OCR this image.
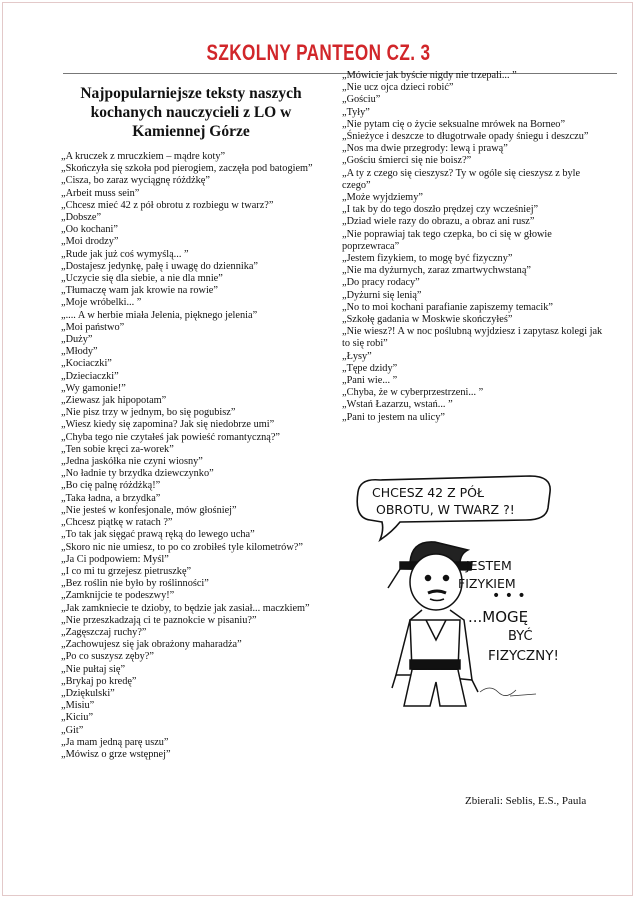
SZKOLNY PANTEON CZ. 3
Najpopularniejsze teksty naszych
kochanych nauczycieli z LO w
Kamiennej Górze
„A kruczek z mruczkiem – mądre koty”
„Skończyła się szkoła pod pierogiem, zaczęła pod batogiem”
„Cisza, bo zaraz wyciągnę różdżkę”
„Arbeit muss sein”
„Chcesz mieć 42 z pół obrotu z rozbiegu w twarz?”
„Dobsze”
„Oo kochani”
„Moi drodzy”
„Rude jak już coś wymyślą... ”
„Dostajesz jedynkę, pałę i uwagę do dziennika”
„Uczycie się dla siebie, a nie dla mnie”
„Tłumaczę wam jak krowie na rowie”
„Moje wróbelki... ”
„.... A w herbie miała Jelenia, pięknego jelenia”
„Moi państwo”
„Duży”
„Młody”
„Kociaczki”
„Dzieciaczki”
„Wy gamonie!”
„Ziewasz jak hipopotam”
„Nie pisz trzy w jednym, bo się pogubisz”
„Wiesz kiedy się zapomina? Jak się niedobrze umi”
„Chyba tego nie czytałeś jak powieść romantyczną?”
„Ten sobie kręci za-worek”
„Jedna jaskółka nie czyni wiosny”
„No ładnie ty brzydka dziewczynko”
„Bo cię palnę różdżką!”
„Taka ładna, a brzydka”
„Nie jesteś w konfesjonale, mów głośniej”
„Chcesz piątkę w ratach ?”
„To tak jak sięgać prawą ręką do lewego ucha”
„Skoro nic nie umiesz, to po co zrobiłeś tyle kilometrów?”
„Ja Ci podpowiem: Myśl”
„I co mi tu grzejesz pietruszkę”
„Bez roślin nie było by roślinności”
„Zamknijcie te podeszwy!”
„Jak zamkniecie te dzioby, to będzie jak zasiał... maczkiem”
„Nie przeszkadzają ci te paznokcie w pisaniu?”
„Zagęszczaj ruchy?”
„Zachowujesz się jak obrażony maharadża”
„Po co suszysz zęby?”
„Nie pułtaj się”
„Brykaj po kredę”
„Dziękulski”
„Misiu”
„Kiciu”
„Git”
„Ja mam jedną parę uszu”
„Mówisz o grze wstępnej”
„Mówicie jak byście nigdy nie trzepali... ”
„Nie ucz ojca dzieci robić”
„Gościu”
„Tyły”
„Nie pytam cię o życie seksualne mrówek na Borneo”
„Śnieżyce i deszcze to długotrwałe opady śniegu i deszczu”
„Nos ma dwie przegrody: lewą i prawą”
„Gościu śmierci się nie boisz?”
„A ty z czego się cieszysz? Ty w ogóle się cieszysz z byle czego”
„Może wyjdziemy”
„I tak by do tego doszło prędzej czy wcześniej”
„Dziad wiele razy do obrazu, a obraz ani rusz”
„Nie poprawiaj tak tego czepka, bo ci się w głowie poprzewraca”
„Jestem fizykiem, to mogę być fizyczny”
„Nie ma dyżurnych, zaraz zmartwychwstaną”
„Do pracy rodacy”
„Dyżurni się lenią”
„No to moi kochani parafianie zapiszemy temacik”
„Szkołę gadania w Moskwie skończyłeś”
„Nie wiesz?! A w noc poślubną wyjdziesz i zapytasz kolegi jak to się robi”
„Łysy”
„Tępe dzidy”
„Pani wie... ”
„Chyba, że w cyberprzestrzeni... ”
„Wstań Łazarzu, wstań... ”
„Pani to jestem na ulicy”
CHCESZ 42 Z PÓŁ
OBROTU, W TWARZ ?!
JESTEM
FIZYKIEM
• • •
...MOGĘ
BYĆ
FIZYCZNY!
Zbierali: Seblis, E.S., Paula
